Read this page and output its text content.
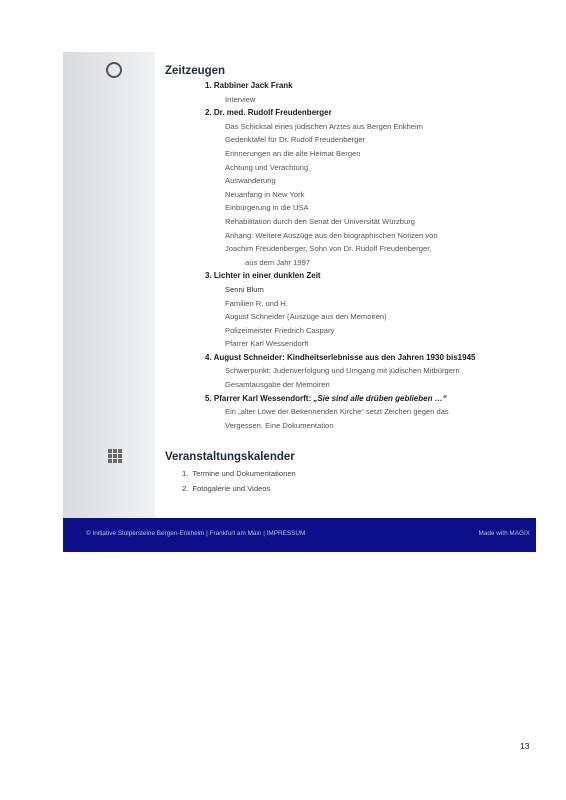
Zeitzeugen
1. Rabbiner Jack Frank
Interview
2. Dr. med. Rudolf Freudenberger
Das Schicksal eines jüdischen Arztes aus Bergen Enkheim
Gedenktafel für Dr. Rudolf Freudenberger
Erinnerungen an die alte Heimat Bergen
Achtung und Verachtung
Auswanderung
Neuanfang in New York
Einbürgerung in die USA
Rehabilitation durch den Senat der Universität Würzburg
Anhang: Weitere Auszüge aus den biographischen Notizen von
Joachim Freudenberger, Sohn von Dr. Rudolf Freudenberger,
aus dem Jahr 1997
3. Lichter in einer dunklen Zeit
Senni Blum
Familien R. und H.
August Schneider (Auszüge aus den Memoiren)
Polizeimeister Friedrich Caspary
Pfarrer Karl Wessendorft
4. August Schneider: Kindheitserlebnisse aus den Jahren 1930 bis1945
Schwerpunkt: Judenverfolgung und Umgang mit jüdischen Mitbürgern
Gesamtausgabe der Memoiren
5. Pfarrer Karl Wessendorft: „Sie sind alle drüben geblieben …“
Ein „alter Löwe der Bekennenden Kirche“ setzt Zeichen gegen das
Vergessen. Eine Dokumentation
Veranstaltungskalender
1. Termine und Dokumentationen
2. Fotogalerie und Videos
© Initiative Stolpersteine Bergen-Enkheim | Frankfurt am Main | IMPRESSUM	Made with MAGIX
13
